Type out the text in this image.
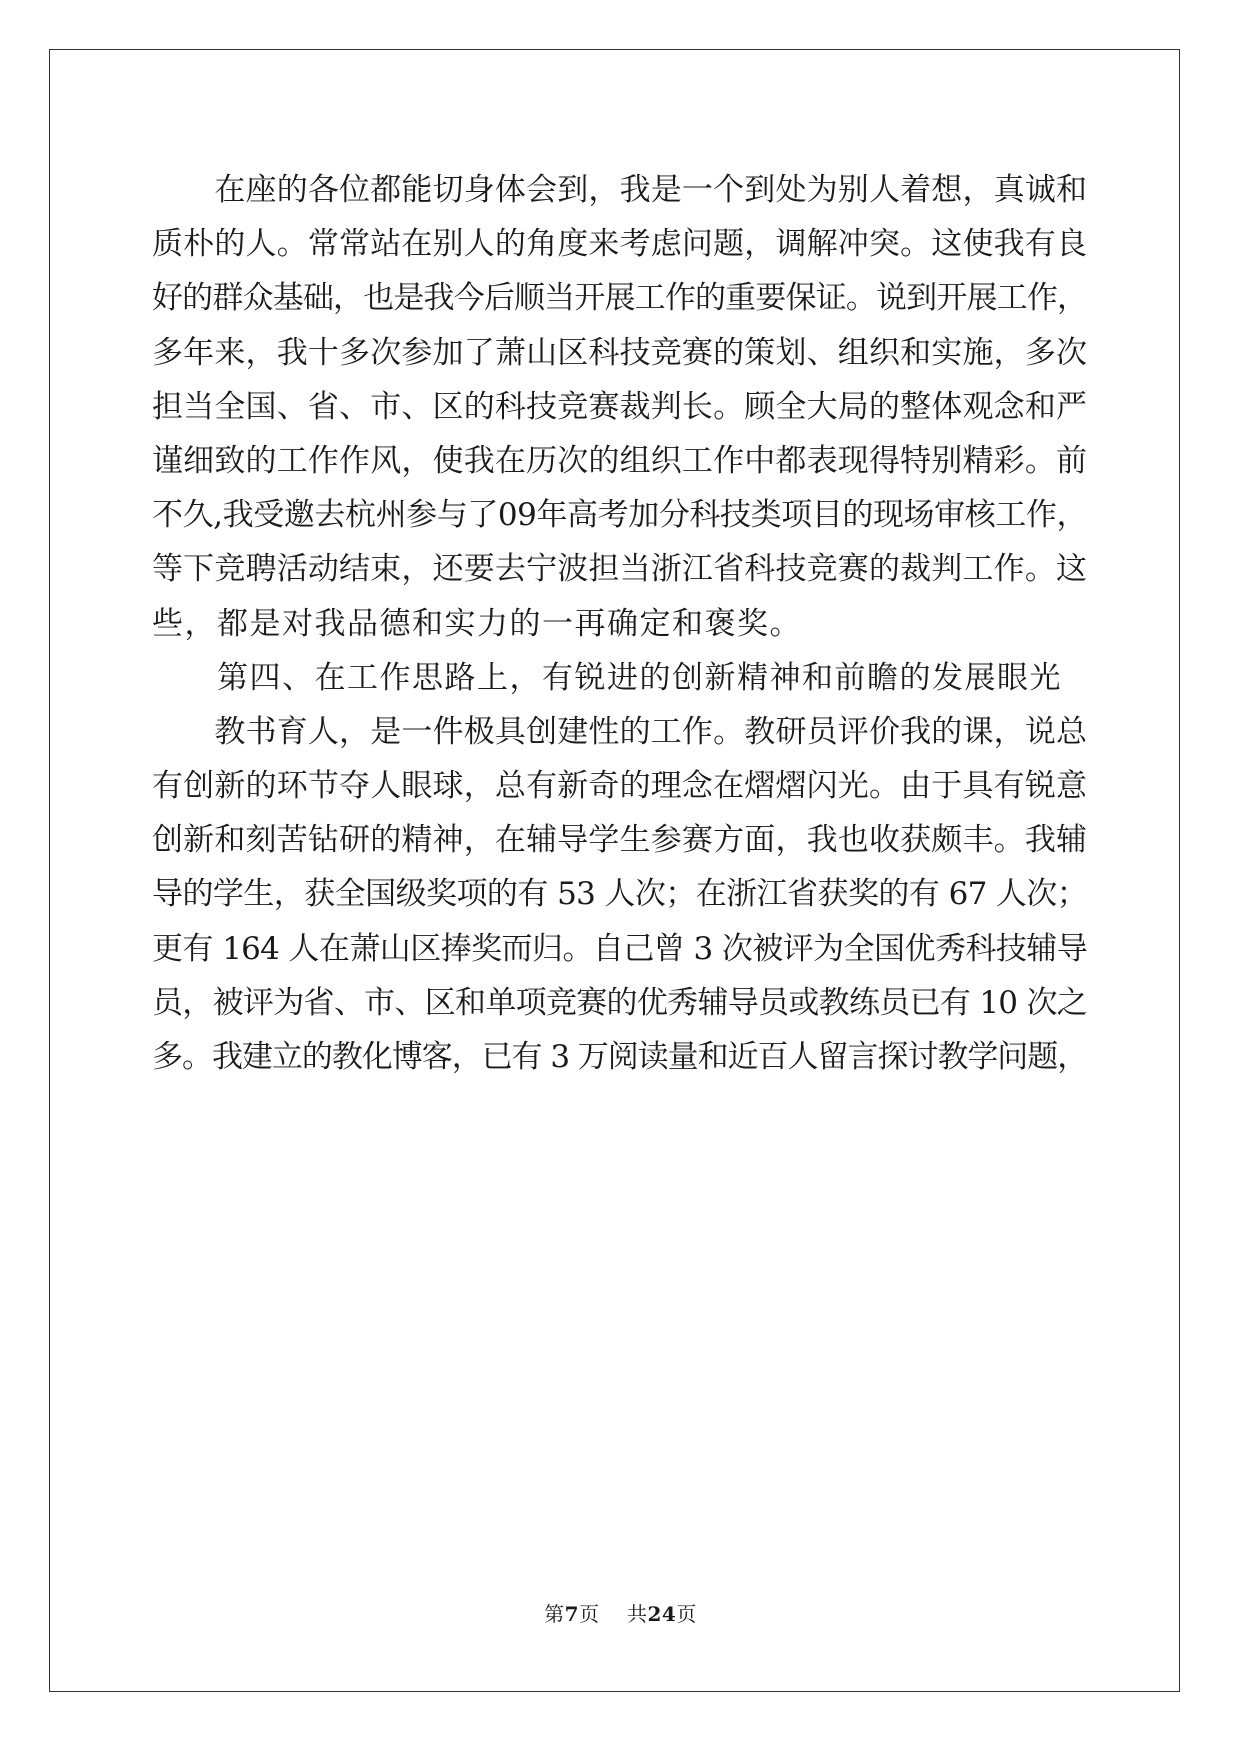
　　在座的各位都能切身体会到，我是一个到处为别人着想，真诚和
质朴的人。常常站在别人的角度来考虑问题，调解冲突。这使我有良
好的群众基础，也是我今后顺当开展工作的重要保证。说到开展工作，
多年来，我十多次参加了萧山区科技竞赛的策划、组织和实施，多次
担当全国、省、市、区的科技竞赛裁判长。顾全大局的整体观念和严
谨细致的工作作风，使我在历次的组织工作中都表现得特别精彩。前
不久,我受邀去杭州参与了09年高考加分科技类项目的现场审核工作，
等下竞聘活动结束，还要去宁波担当浙江省科技竞赛的裁判工作。这
些，都是对我品德和实力的一再确定和褒奖。
　　第四、在工作思路上，有锐进的创新精神和前瞻的发展眼光
　　教书育人，是一件极具创建性的工作。教研员评价我的课，说总
有创新的环节夺人眼球，总有新奇的理念在熠熠闪光。由于具有锐意
创新和刻苦钻研的精神，在辅导学生参赛方面，我也收获颇丰。我辅
导的学生，获全国级奖项的有 53 人次；在浙江省获奖的有 67 人次；
更有 164 人在萧山区捧奖而归。自己曾 3 次被评为全国优秀科技辅导
员，被评为省、市、区和单项竞赛的优秀辅导员或教练员已有 10 次之
多。我建立的教化博客，已有 3 万阅读量和近百人留言探讨教学问题，
第7页 共24页
